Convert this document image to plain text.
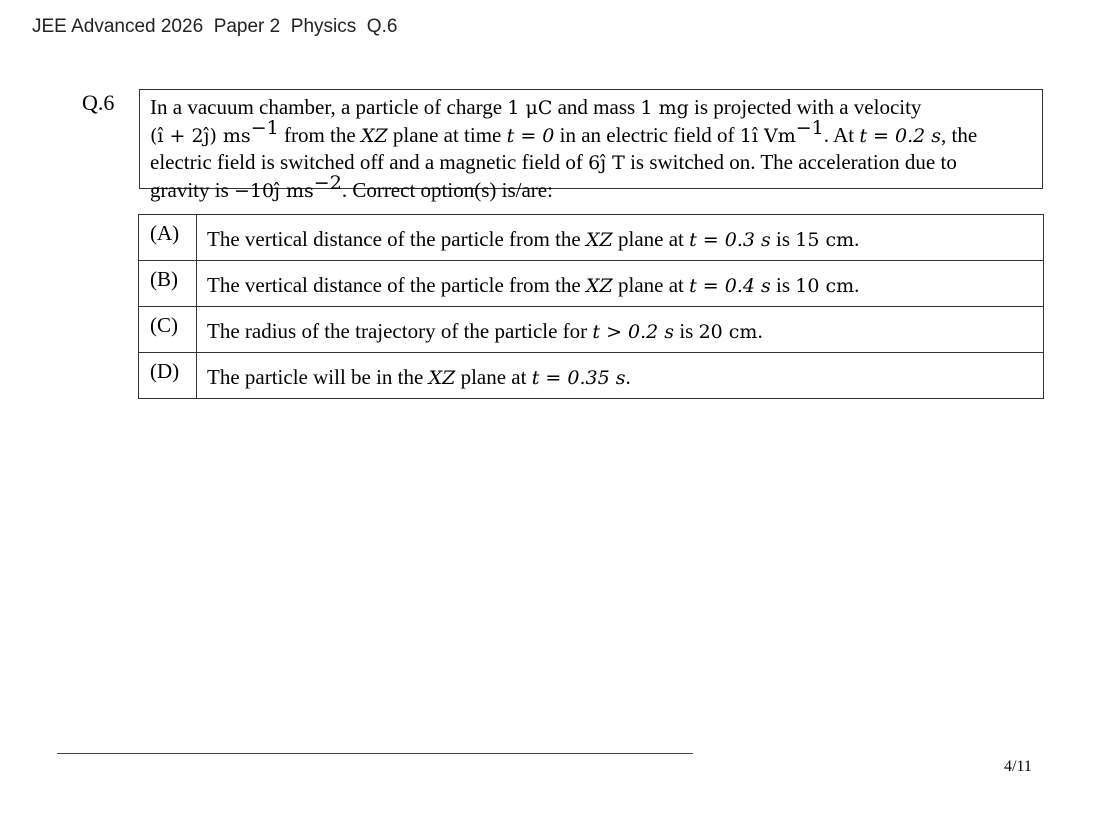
JEE Advanced 2026  Paper 2  Physics  Q.6
Q.6 In a vacuum chamber, a particle of charge 1 μC and mass 1 mg is projected with a velocity
(î + 2ĵ) $ms^{-1}$ from the XZ plane at time t = 0 in an electric field of 1î $Vm^{-1}$. At t = 0.2 s, the
electric field is switched off and a magnetic field of 6ĵ T is switched on. The acceleration due to
gravity is −10ĵ $ms^{-2}$. Correct option(s) is/are:
(A)	The vertical distance of the particle from the XZ plane at t = 0.3 s is 15 cm.
(B)	The vertical distance of the particle from the XZ plane at t = 0.4 s is 10 cm.
(C)	The radius of the trajectory of the particle for t > 0.2 s is 20 cm.
(D)	The particle will be in the XZ plane at t = 0.35 s.
4/11
